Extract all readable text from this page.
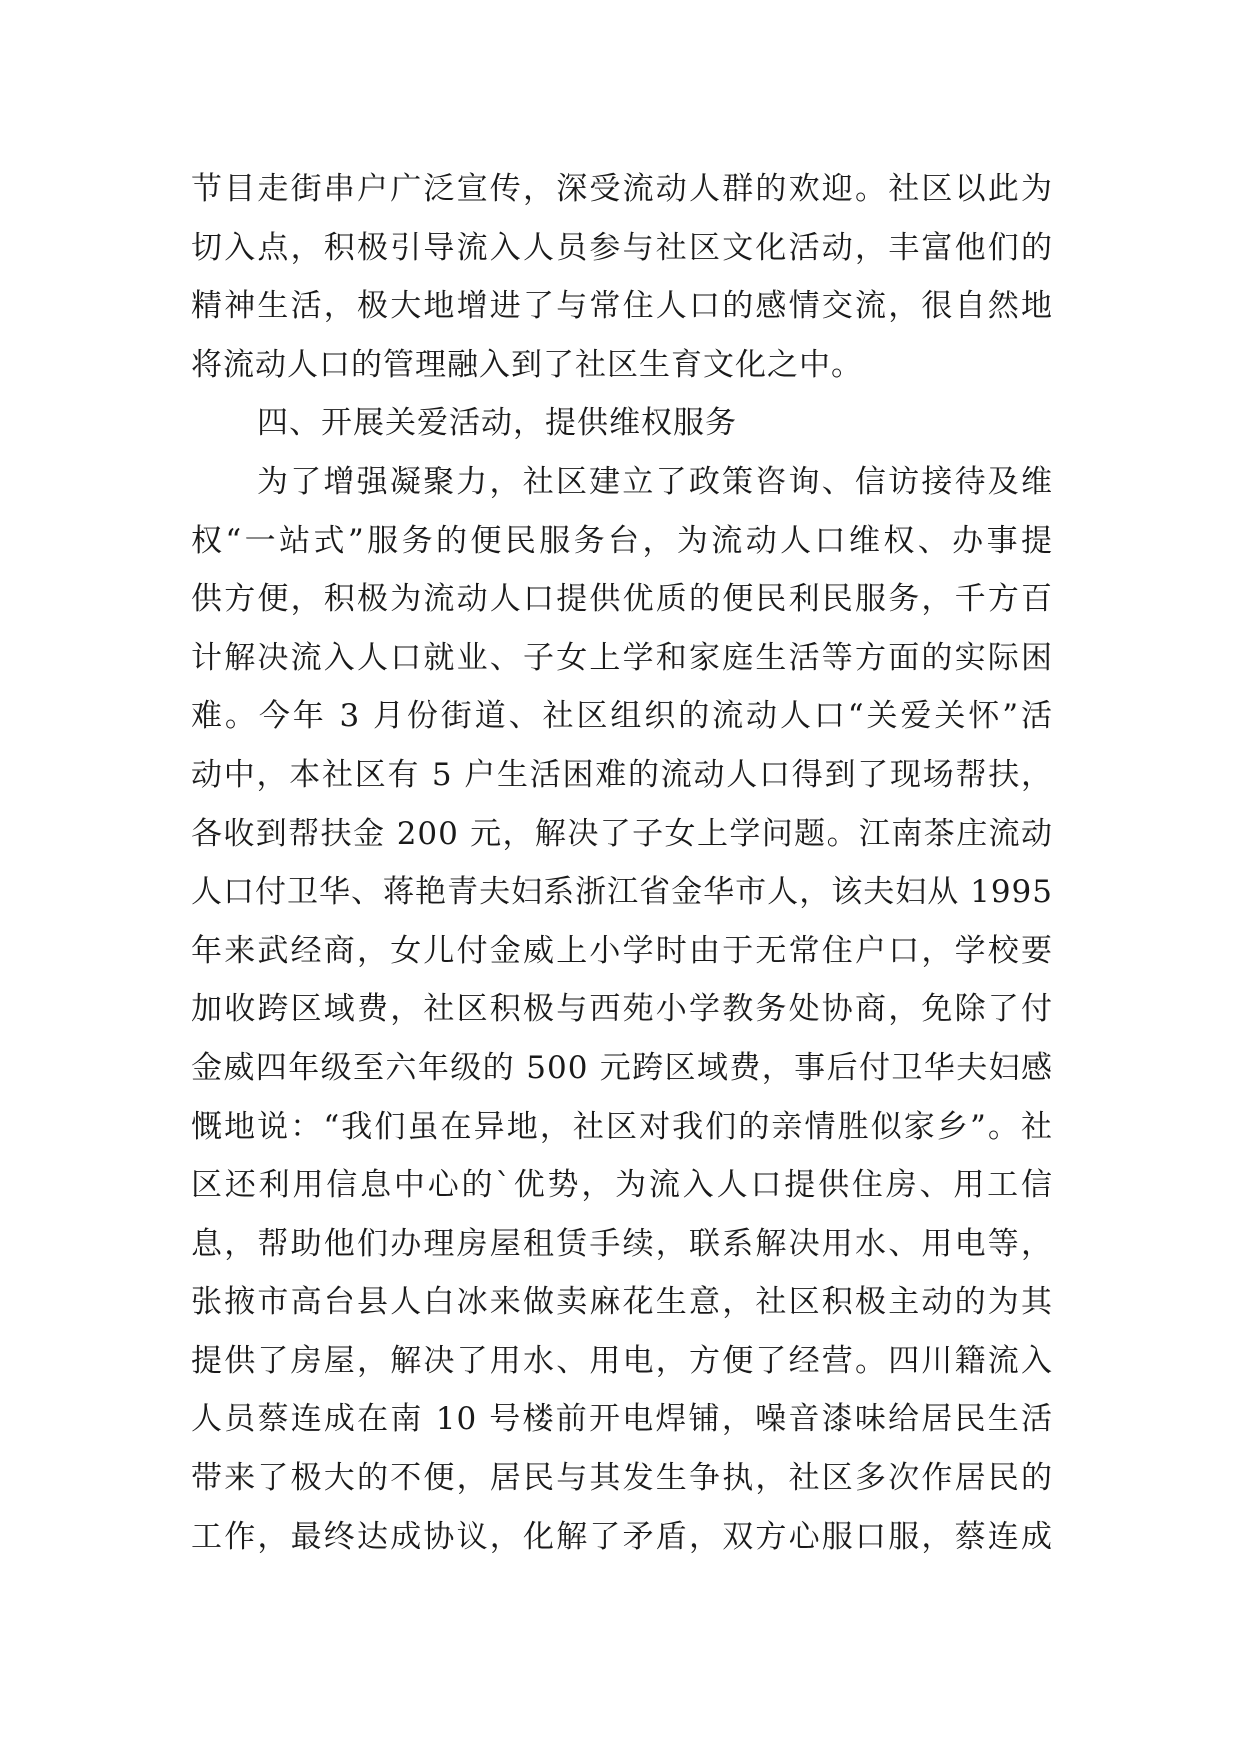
节目走街串户广泛宣传，深受流动人群的欢迎。社区以此为
切入点，积极引导流入人员参与社区文化活动，丰富他们的
精神生活，极大地增进了与常住人口的感情交流，很自然地
将流动人口的管理融入到了社区生育文化之中。
四、开展关爱活动，提供维权服务
为了增强凝聚力，社区建立了政策咨询、信访接待及维
权“一站式”服务的便民服务台，为流动人口维权、办事提
供方便，积极为流动人口提供优质的便民利民服务，千方百
计解决流入人口就业、子女上学和家庭生活等方面的实际困
难。今年 3 月份街道、社区组织的流动人口“关爱关怀”活
动中，本社区有 5 户生活困难的流动人口得到了现场帮扶，
各收到帮扶金 200 元，解决了子女上学问题。江南茶庄流动
人口付卫华、蒋艳青夫妇系浙江省金华市人，该夫妇从 1995
年来武经商，女儿付金威上小学时由于无常住户口，学校要
加收跨区域费，社区积极与西苑小学教务处协商，免除了付
金威四年级至六年级的 500 元跨区域费，事后付卫华夫妇感
慨地说：“我们虽在异地，社区对我们的亲情胜似家乡”。社
区还利用信息中心的`优势，为流入人口提供住房、用工信
息，帮助他们办理房屋租赁手续，联系解决用水、用电等，
张掖市高台县人白冰来做卖麻花生意，社区积极主动的为其
提供了房屋，解决了用水、用电，方便了经营。四川籍流入
人员蔡连成在南 10 号楼前开电焊铺，噪音漆味给居民生活
带来了极大的不便，居民与其发生争执，社区多次作居民的
工作，最终达成协议，化解了矛盾，双方心服口服，蔡连成
